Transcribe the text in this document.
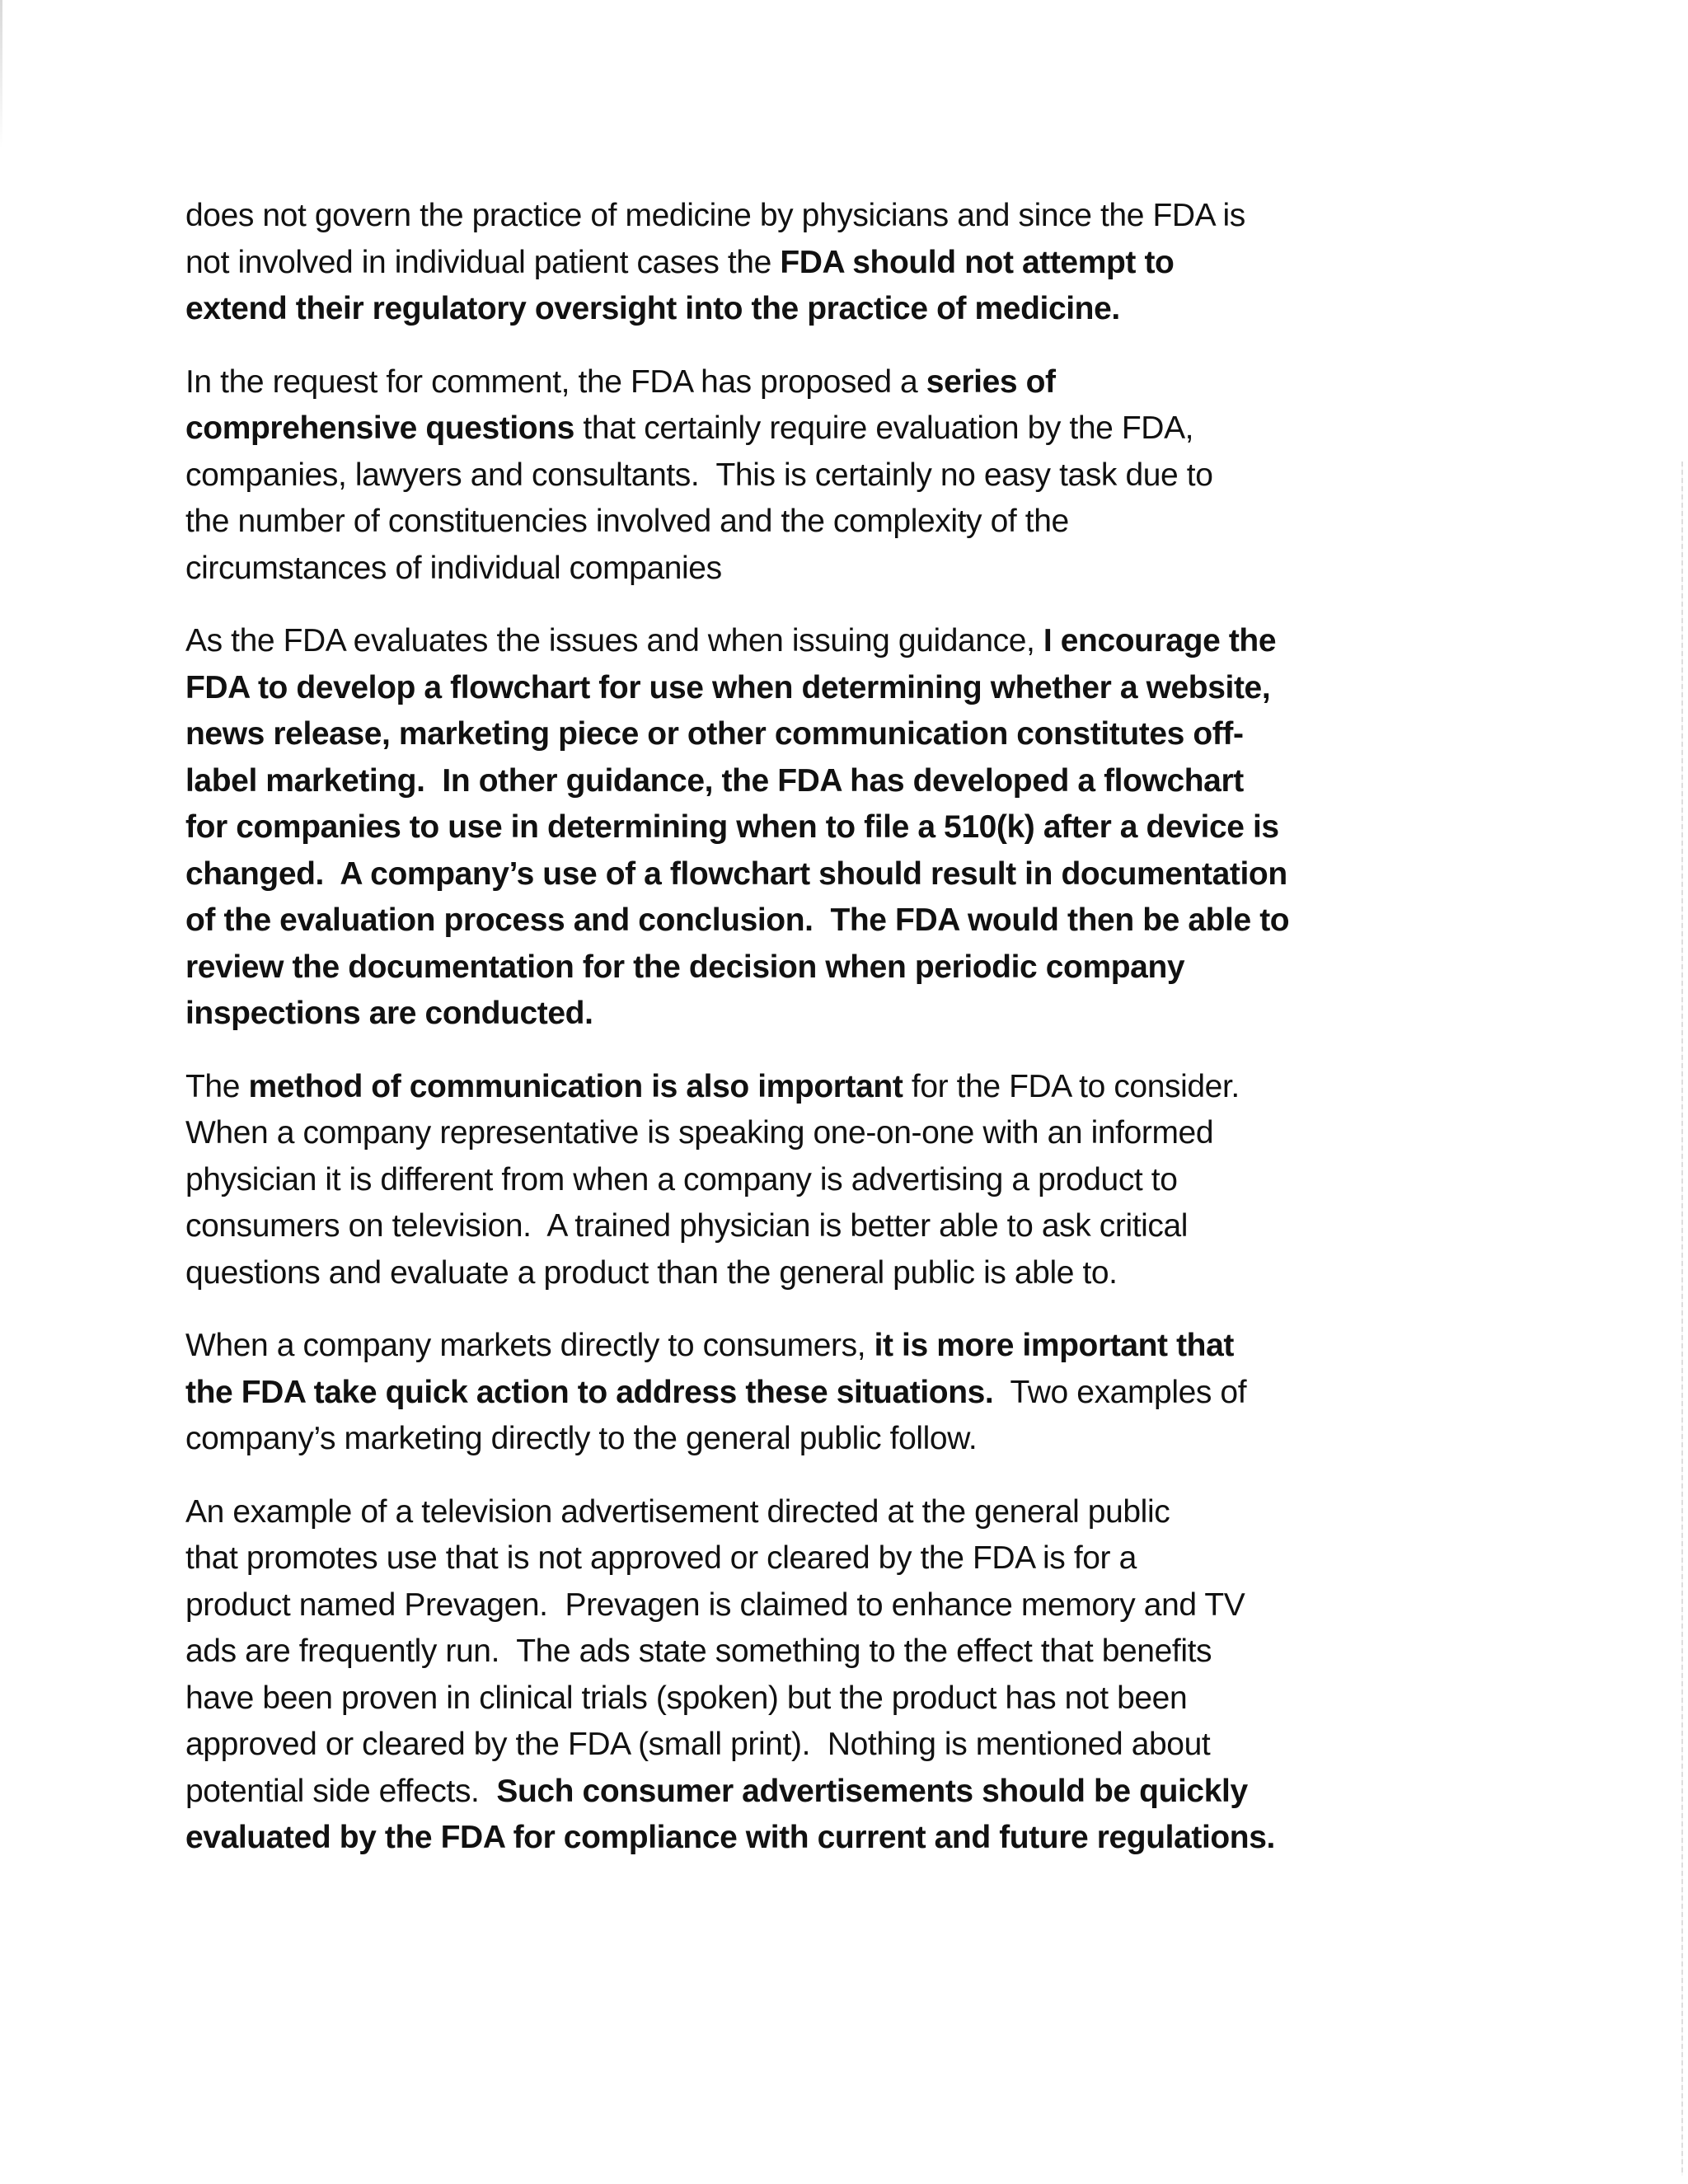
does not govern the practice of medicine by physicians and since the FDA is
not involved in individual patient cases the FDA should not attempt to
extend their regulatory oversight into the practice of medicine.
In the request for comment, the FDA has proposed a series of
comprehensive questions that certainly require evaluation by the FDA,
companies, lawyers and consultants.  This is certainly no easy task due to
the number of constituencies involved and the complexity of the
circumstances of individual companies
As the FDA evaluates the issues and when issuing guidance, I encourage the
FDA to develop a flowchart for use when determining whether a website,
news release, marketing piece or other communication constitutes off-
label marketing.  In other guidance, the FDA has developed a flowchart
for companies to use in determining when to file a 510(k) after a device is
changed.  A company’s use of a flowchart should result in documentation
of the evaluation process and conclusion.  The FDA would then be able to
review the documentation for the decision when periodic company
inspections are conducted.
The method of communication is also important for the FDA to consider.
When a company representative is speaking one-on-one with an informed
physician it is different from when a company is advertising a product to
consumers on television.  A trained physician is better able to ask critical
questions and evaluate a product than the general public is able to.
When a company markets directly to consumers, it is more important that
the FDA take quick action to address these situations.  Two examples of
company’s marketing directly to the general public follow.
An example of a television advertisement directed at the general public
that promotes use that is not approved or cleared by the FDA is for a
product named Prevagen.  Prevagen is claimed to enhance memory and TV
ads are frequently run.  The ads state something to the effect that benefits
have been proven in clinical trials (spoken) but the product has not been
approved or cleared by the FDA (small print).  Nothing is mentioned about
potential side effects.  Such consumer advertisements should be quickly
evaluated by the FDA for compliance with current and future regulations.
